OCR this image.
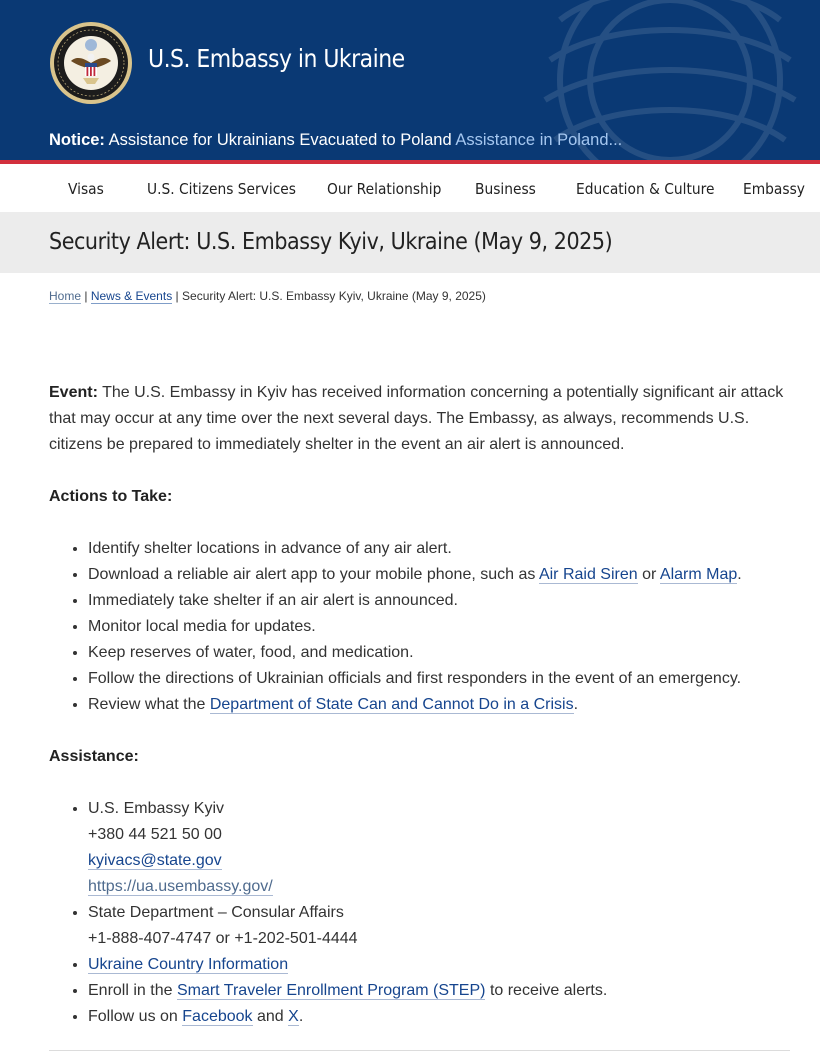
U.S. Embassy in Ukraine
Notice: Assistance for Ukrainians Evacuated to Poland Assistance in Poland...
Visas	U.S. Citizens Services Our Relationship Business	Education & Culture Embassy
Security Alert: U.S. Embassy Kyiv, Ukraine (May 9, 2025)
Home | News & Events | Security Alert: U.S. Embassy Kyiv, Ukraine (May 9, 2025)

Event: The U.S. Embassy in Kyiv has received information concerning a potentially significant air attack that may occur at any time over the next several days. The Embassy, as always, recommends U.S. citizens be prepared to immediately shelter in the event an air alert is announced.

Actions to Take:

• Identify shelter locations in advance of any air alert.
• Download a reliable air alert app to your mobile phone, such as Air Raid Siren or Alarm Map.
• Immediately take shelter if an air alert is announced.
• Monitor local media for updates.
• Keep reserves of water, food, and medication.
• Follow the directions of Ukrainian officials and first responders in the event of an emergency.
• Review what the Department of State Can and Cannot Do in a Crisis.

Assistance:

• U.S. Embassy Kyiv
+380 44 521 50 00
kyivacs@state.gov
https://ua.usembassy.gov/
• State Department – Consular Affairs
+1-888-407-4747 or +1-202-501-4444
• Ukraine Country Information
• Enroll in the Smart Traveler Enrollment Program (STEP) to receive alerts.
• Follow us on Facebook and X.
